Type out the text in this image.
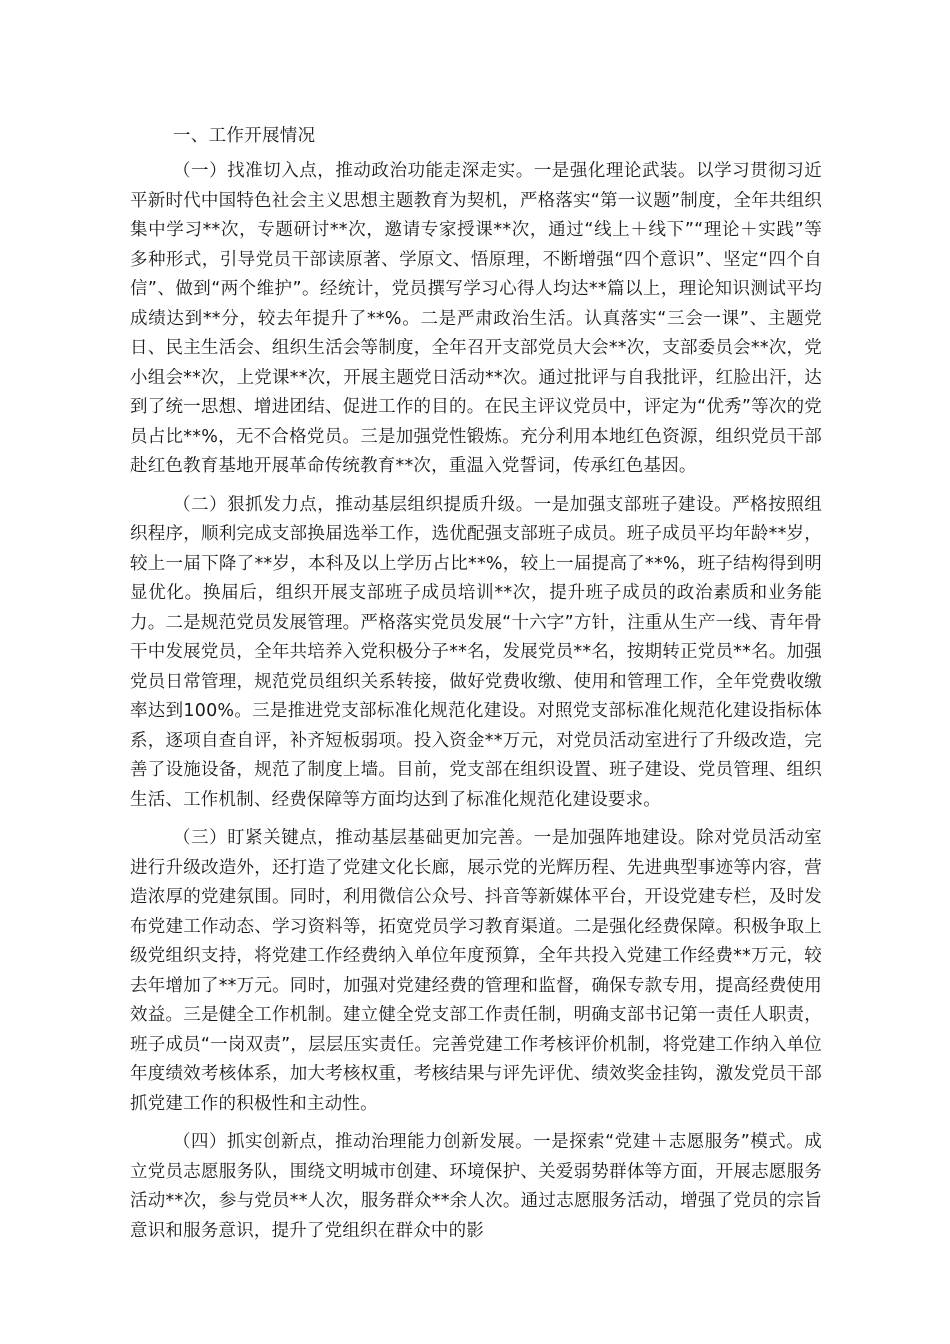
一、工作开展情况

（一）找准切入点，推动政治功能走深走实。一是强化理论武装。以学习贯彻习近平新时代中国特色社会主义思想主题教育为契机，严格落实“第一议题”制度，全年共组织集中学习**次，专题研讨**次，邀请专家授课**次，通过“线上＋线下”“理论＋实践”等多种形式，引导党员干部读原著、学原文、悟原理，不断增强“四个意识”、坚定“四个自信”、做到“两个维护”。经统计，党员撰写学习心得人均达**篇以上，理论知识测试平均成绩达到**分，较去年提升了**%。二是严肃政治生活。认真落实“三会一课”、主题党日、民主生活会、组织生活会等制度，全年召开支部党员大会**次，支部委员会**次，党小组会**次，上党课**次，开展主题党日活动**次。通过批评与自我批评，红脸出汗，达到了统一思想、增进团结、促进工作的目的。在民主评议党员中，评定为“优秀”等次的党员占比**%，无不合格党员。三是加强党性锻炼。充分利用本地红色资源，组织党员干部赴红色教育基地开展革命传统教育**次，重温入党誓词，传承红色基因。

（二）狠抓发力点，推动基层组织提质升级。一是加强支部班子建设。严格按照组织程序，顺利完成支部换届选举工作，选优配强支部班子成员。班子成员平均年龄**岁，较上一届下降了**岁，本科及以上学历占比**%，较上一届提高了**%，班子结构得到明显优化。换届后，组织开展支部班子成员培训**次，提升班子成员的政治素质和业务能力。二是规范党员发展管理。严格落实党员发展“十六字”方针，注重从生产一线、青年骨干中发展党员，全年共培养入党积极分子**名，发展党员**名，按期转正党员**名。加强党员日常管理，规范党员组织关系转接，做好党费收缴、使用和管理工作，全年党费收缴率达到100%。三是推进党支部标准化规范化建设。对照党支部标准化规范化建设指标体系，逐项自查自评，补齐短板弱项。投入资金**万元，对党员活动室进行了升级改造，完善了设施设备，规范了制度上墙。目前，党支部在组织设置、班子建设、党员管理、组织生活、工作机制、经费保障等方面均达到了标准化规范化建设要求。

（三）盯紧关键点，推动基层基础更加完善。一是加强阵地建设。除对党员活动室进行升级改造外，还打造了党建文化长廊，展示党的光辉历程、先进典型事迹等内容，营造浓厚的党建氛围。同时，利用微信公众号、抖音等新媒体平台，开设党建专栏，及时发布党建工作动态、学习资料等，拓宽党员学习教育渠道。二是强化经费保障。积极争取上级党组织支持，将党建工作经费纳入单位年度预算，全年共投入党建工作经费**万元，较去年增加了**万元。同时，加强对党建经费的管理和监督，确保专款专用，提高经费使用效益。三是健全工作机制。建立健全党支部工作责任制，明确支部书记第一责任人职责，班子成员“一岗双责”，层层压实责任。完善党建工作考核评价机制，将党建工作纳入单位年度绩效考核体系，加大考核权重，考核结果与评先评优、绩效奖金挂钩，激发党员干部抓党建工作的积极性和主动性。

（四）抓实创新点，推动治理能力创新发展。一是探索“党建＋志愿服务”模式。成立党员志愿服务队，围绕文明城市创建、环境保护、关爱弱势群体等方面，开展志愿服务活动**次，参与党员**人次，服务群众**余人次。通过志愿服务活动，增强了党员的宗旨意识和服务意识，提升了党组织在群众中的影
